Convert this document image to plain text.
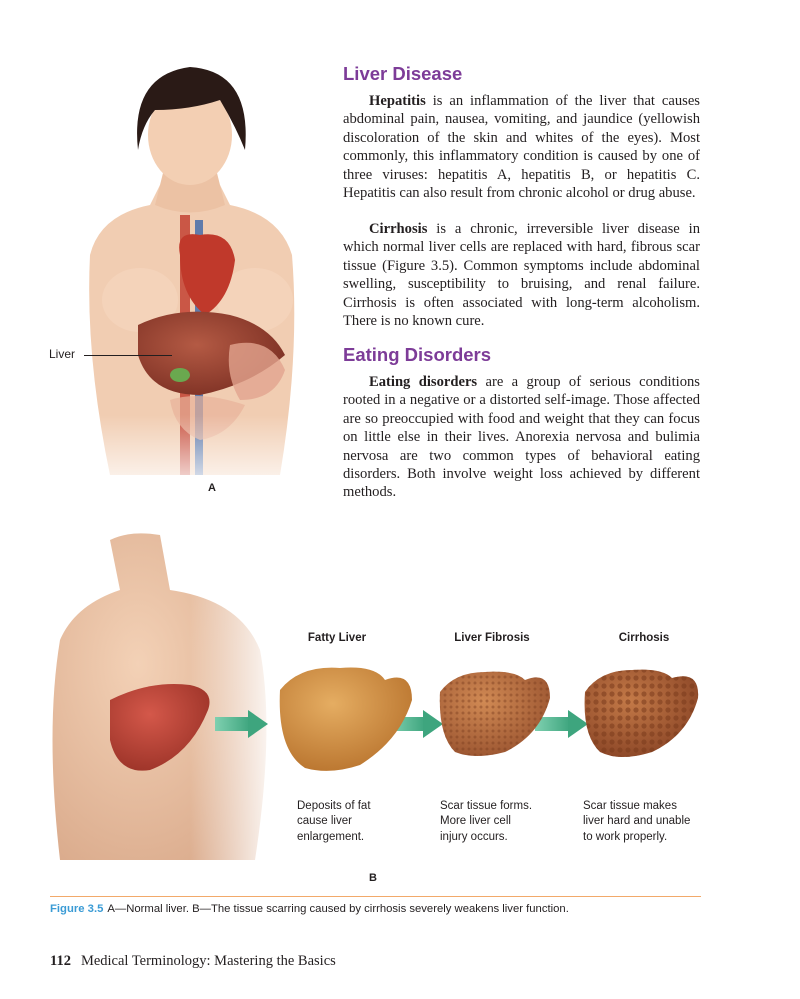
Liver
A
Liver Disease

Hepatitis is an inflammation of the liver that causes abdominal pain, nausea, vomiting, and jaundice (yellowish discoloration of the skin and whites of the eyes). Most commonly, this inflammatory condition is caused by one of three viruses: hepatitis A, hepatitis B, or hepatitis C. Hepatitis can also result from chronic alcohol or drug abuse.

Cirrhosis is a chronic, irreversible liver disease in which normal liver cells are replaced with hard, fibrous scar tissue (Figure 3.5). Common symptoms include abdominal swelling, susceptibility to bruising, and renal failure. Cirrhosis is often associated with long-term alcoholism. There is no known cure.

Eating Disorders

Eating disorders are a group of serious conditions rooted in a negative or a distorted self-image. Those affected are so preoccupied with food and weight that they can focus on little else in their lives. Anorexia nervosa and bulimia nervosa are two common types of behavioral eating disorders. Both involve weight loss achieved by different methods.

Fatty Liver	Liver Fibrosis	Cirrhosis
Deposits of fat
cause liver
enlargement.
Scar tissue forms.
More liver cell
injury occurs.
Scar tissue makes
liver hard and unable
to work properly.
B

Figure 3.5 A—Normal liver. B—The tissue scarring caused by cirrhosis severely weakens liver function.

112 Medical Terminology: Mastering the Basics
